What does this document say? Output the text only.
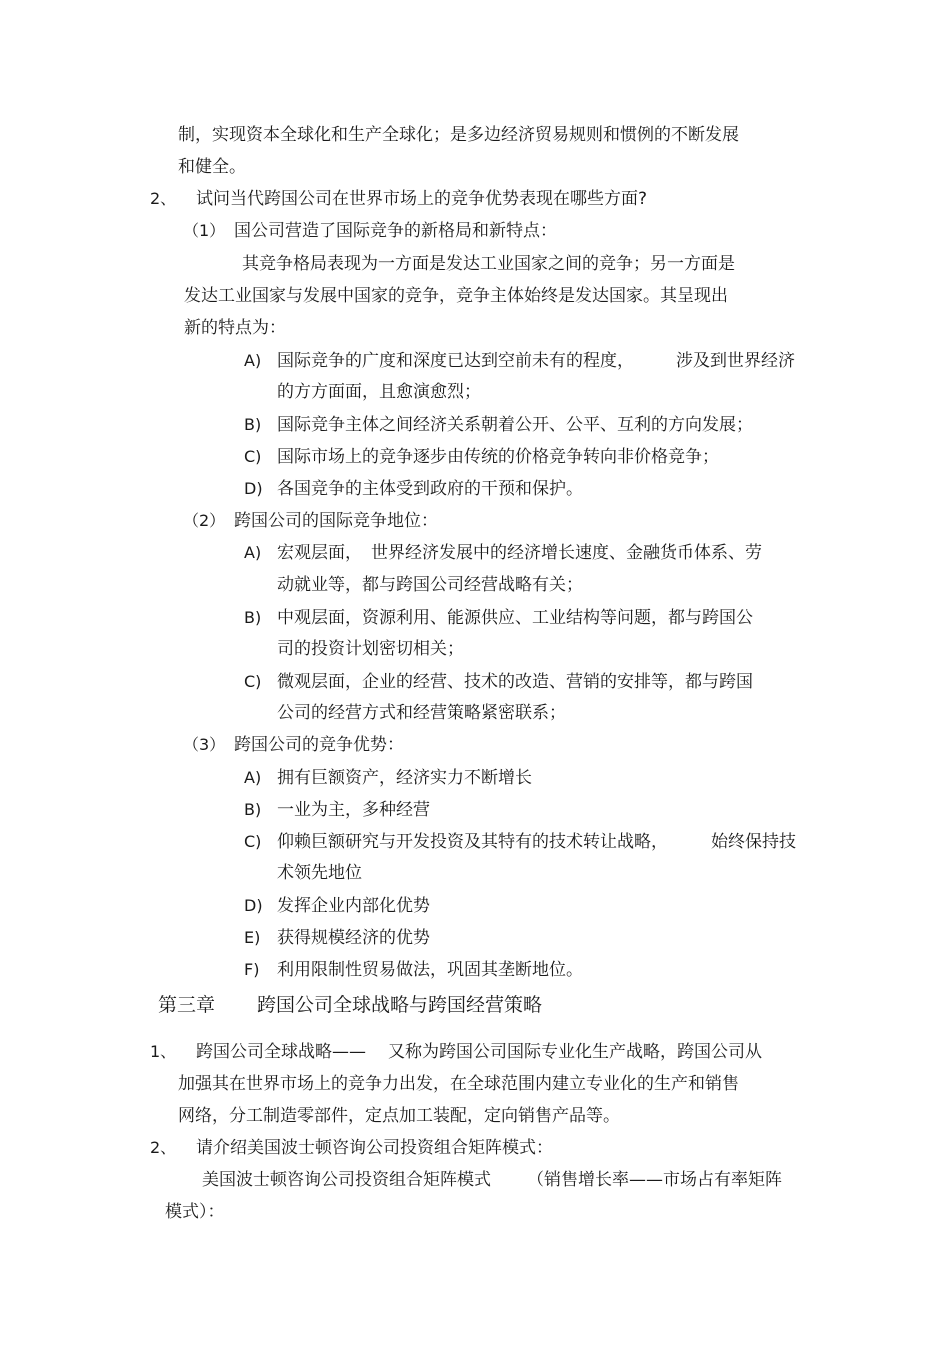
制，实现资本全球化和生产全球化；是多边经济贸易规则和惯例的不断发展
和健全。
2、 试问当代跨国公司在世界市场上的竞争优势表现在哪些方面?
（1） 国公司营造了国际竞争的新格局和新特点：
其竞争格局表现为一方面是发达工业国家之间的竞争；另一方面是
发达工业国家与发展中国家的竞争，竞争主体始终是发达国家。其呈现出
新的特点为：
A) 国际竞争的广度和深度已达到空前未有的程度， 涉及到世界经济
的方方面面，且愈演愈烈；
B) 国际竞争主体之间经济关系朝着公开、公平、互利的方向发展；
C) 国际市场上的竞争逐步由传统的价格竞争转向非价格竞争；
D) 各国竞争的主体受到政府的干预和保护。
（2） 跨国公司的国际竞争地位：
A) 宏观层面， 世界经济发展中的经济增长速度、金融货币体系、劳
动就业等，都与跨国公司经营战略有关；
B) 中观层面，资源利用、能源供应、工业结构等问题，都与跨国公
司的投资计划密切相关；
C) 微观层面，企业的经营、技术的改造、营销的安排等，都与跨国
公司的经营方式和经营策略紧密联系；
（3） 跨国公司的竞争优势：
A) 拥有巨额资产，经济实力不断增长
B) 一业为主，多种经营
C) 仰赖巨额研究与开发投资及其特有的技术转让战略，	始终保持技
术领先地位
D) 发挥企业内部化优势
E) 获得规模经济的优势
F) 利用限制性贸易做法，巩固其垄断地位。
第三章 跨国公司全球战略与跨国经营策略
1、 跨国公司全球战略—— 又称为跨国公司国际专业化生产战略，跨国公司从
加强其在世界市场上的竞争力出发，在全球范围内建立专业化的生产和销售
网络，分工制造零部件，定点加工装配，定向销售产品等。
2、 请介绍美国波士顿咨询公司投资组合矩阵模式：
美国波士顿咨询公司投资组合矩阵模式 （销售增长率——市场占有率矩阵
模式）：
